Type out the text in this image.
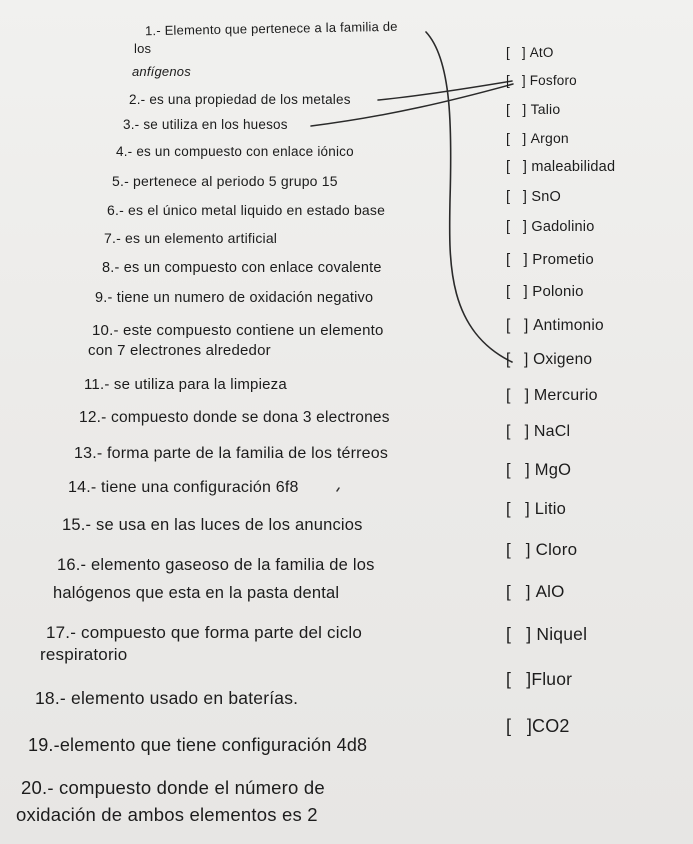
1.- Elemento que pertenece a la familia de
los
anfígenos
2.- es una propiedad de los metales
3.- se utiliza en los huesos
4.- es un compuesto con enlace iónico
5.- pertenece al periodo 5 grupo 15
6.- es el único metal liquido en estado base
7.- es un elemento artificial
8.- es un compuesto con enlace covalente
9.- tiene un numero de oxidación negativo
10.- este compuesto contiene un elemento
con 7 electrones alrededor
11.- se utiliza para la limpieza
12.- compuesto donde se dona 3 electrones
13.- forma parte de la familia de los térreos
14.- tiene una configuración 6f8
15.- se usa en las luces de los anuncios
16.- elemento gaseoso de la familia de los
halógenos que esta en la pasta dental
17.- compuesto que forma parte del ciclo
respiratorio
18.- elemento usado en baterías.
19.-elemento que tiene configuración 4d8
20.- compuesto donde el número de
oxidación de ambos elementos es 2
[ ] AtO
[ ] Fosforo
[ ] Talio
[ ] Argon
[ ] maleabilidad
[ ] SnO
[ ] Gadolinio
[ ] Prometio
[ ] Polonio
[ ] Antimonio
[ ] Oxigeno
[ ] Mercurio
[ ] NaCl
[ ] MgO
[ ] Litio
[ ] Cloro
[ ] AlO
[ ] Niquel
[ ]Fluor
[ ]CO2
